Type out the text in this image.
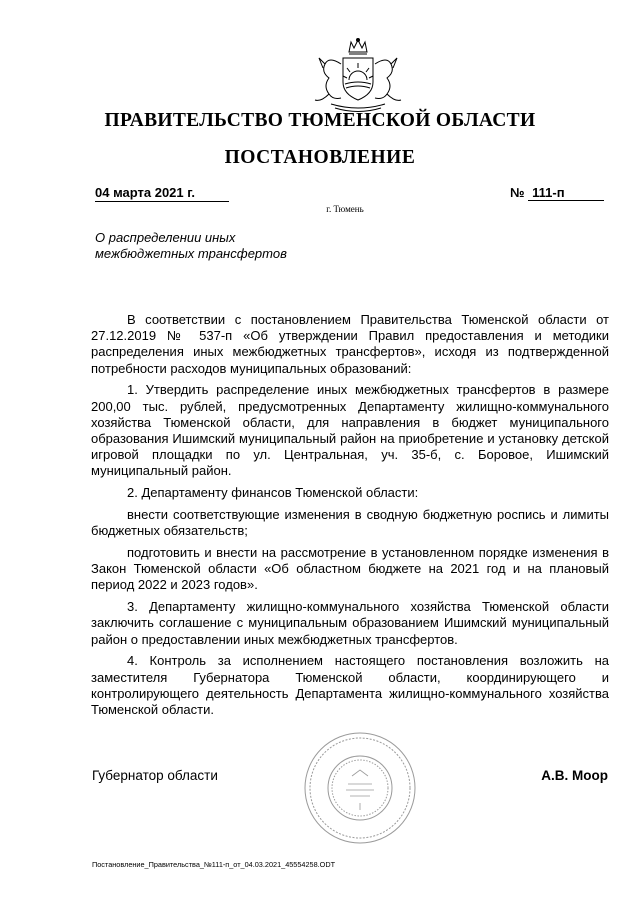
ПРАВИТЕЛЬСТВО ТЮМЕНСКОЙ ОБЛАСТИ
ПОСТАНОВЛЕНИЕ
04 марта 2021 г.	№ 111-п
г. Тюмень
О распределении иных
межбюджетных трансфертов

В соответствии с постановлением Правительства Тюменской области от 27.12.2019 № 537-п «Об утверждении Правил предоставления и методики распределения иных межбюджетных трансфертов», исходя из подтвержденной потребности расходов муниципальных образований:

1. Утвердить распределение иных межбюджетных трансфертов в размере 200,00 тыс. рублей, предусмотренных Департаменту жилищно-коммунального хозяйства Тюменской области, для направления в бюджет муниципального образования Ишимский муниципальный район на приобретение и установку детской игровой площадки по ул. Центральная, уч. 35-б, с. Боровое, Ишимский муниципальный район.

2. Департаменту финансов Тюменской области:

внести соответствующие изменения в сводную бюджетную роспись и лимиты бюджетных обязательств;

подготовить и внести на рассмотрение в установленном порядке изменения в Закон Тюменской области «Об областном бюджете на 2021 год и на плановый период 2022 и 2023 годов».

3. Департаменту жилищно-коммунального хозяйства Тюменской области заключить соглашение с муниципальным образованием Ишимский муниципальный район о предоставлении иных межбюджетных трансфертов.

4. Контроль за исполнением настоящего постановления возложить на заместителя Губернатора Тюменской области, координирующего и контролирующего деятельность Департамента жилищно-коммунального хозяйства Тюменской области.

Губернатор области	А.В. Моор
Постановление_Правительства_№111-п_от_04.03.2021_45554258.ODT
